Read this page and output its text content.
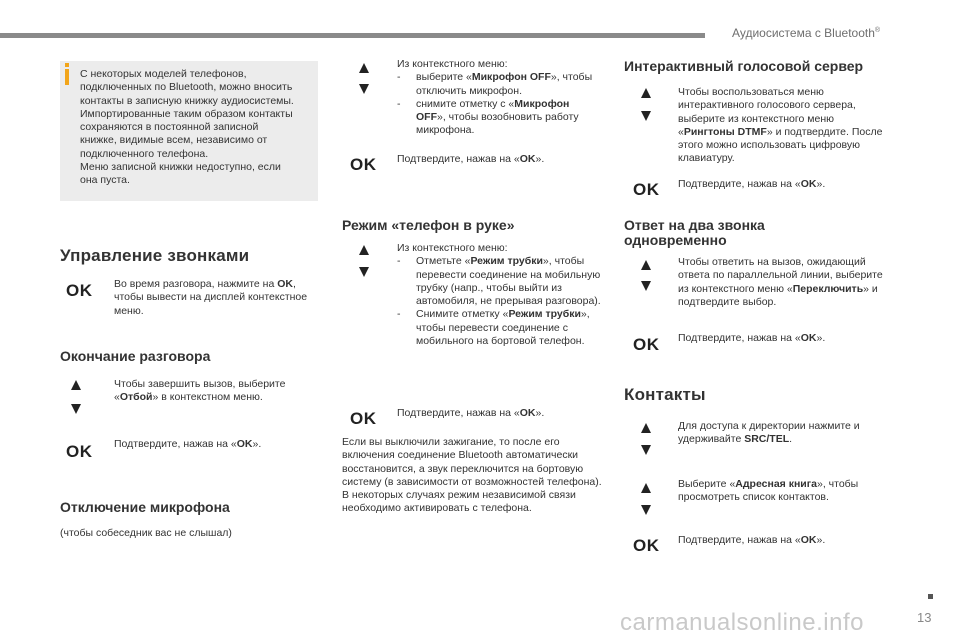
Аудиосистема с Bluetooth®
С некоторых моделей телефонов,
подключенных по Bluetooth, можно вносить
контакты в записную книжку аудиосистемы.
Импортированные таким образом контакты
сохраняются в постоянной записной
книжке, видимые всем, независимо от
подключенного телефона.
Меню записной книжки недоступно, если
она пуста.
Управление звонками
OK Во время разговора, нажмите на OK, чтобы вывести на дисплей контекстное меню.
Окончание разговора
Чтобы завершить вызов, выберите «Отбой» в контекстном меню.
OK Подтвердите, нажав на «OK».
Отключение микрофона
(чтобы собеседник вас не слышал)
Из контекстного меню:
-	выберите «Микрофон OFF», чтобы отключить микрофон.
-	снимите отметку с «Микрофон OFF», чтобы возобновить работу микрофона.
OK Подтвердите, нажав на «OK».
Режим «телефон в руке»
Из контекстного меню:
-	Отметьте «Режим трубки», чтобы перевести соединение на мобильную трубку (напр., чтобы выйти из автомобиля, не прерывая разговора).
-	Снимите отметку «Режим трубки», чтобы перевести соединение с мобильного на бортовой телефон.
OK Подтвердите, нажав на «OK».
Если вы выключили зажигание, то после его включения соединение Bluetooth автоматически восстановится, а звук переключится на бортовую систему (в зависимости от возможностей телефона).
В некоторых случаях режим независимой связи необходимо активировать с телефона.
Интерактивный голосовой сервер
Чтобы воспользоваться меню интерактивного голосового сервера, выберите из контекстного меню «Рингтоны DTMF» и подтвердите. После этого можно использовать цифровую клавиатуру.
OK Подтвердите, нажав на «OK».
Ответ на два звонка
одновременно
Чтобы ответить на вызов, ожидающий ответа по параллельной линии, выберите из контекстного меню «Переключить» и подтвердите выбор.
OK Подтвердите, нажав на «OK».
Контакты
Для доступа к директории нажмите и удерживайте SRC/TEL.
Выберите «Адресная книга», чтобы просмотреть список контактов.
OK Подтвердите, нажав на «OK».
carmanualsonline.info	13
